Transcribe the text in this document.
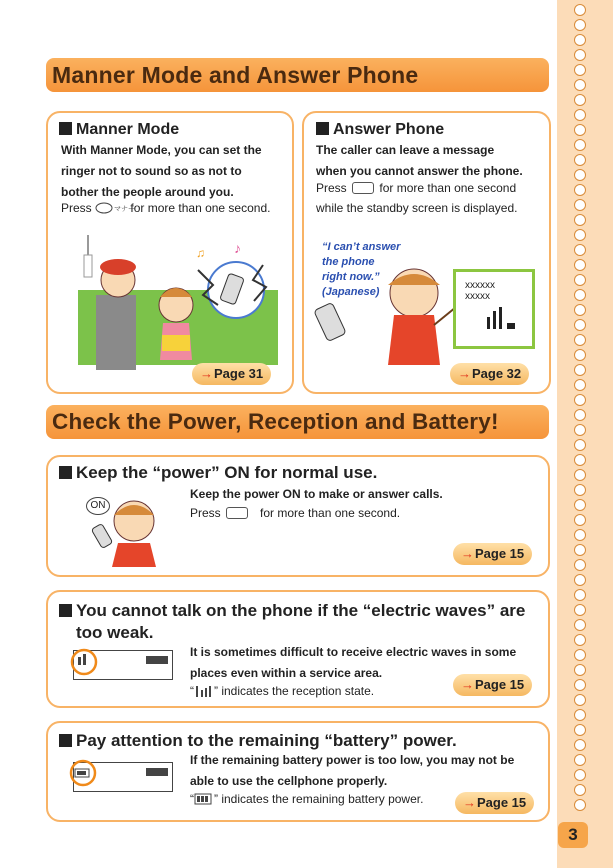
3
Manner Mode and Answer Phone
Manner Mode
With Manner Mode, you can set the
ringer not to sound so as not to
bother the people around you.
Press	マナー
for more than one second.
♪
♫
→Page 31
Answer Phone
The caller can leave a message
when you cannot answer the phone.
Press	for more than one second
while the standby screen is displayed.
“I can’t answer
the phone
right now.”
(Japanese)
xxxxxx
xxxxx
→Page 32
Check the Power, Reception and Battery!
Keep the “power” ON for normal use.
ON
Keep the power ON to make or answer calls.
Press	for more than one second.
→Page 15
You cannot talk on the phone if the “electric waves” are
too weak.
It is sometimes difficult to receive electric waves in some
places even within a service area.
“ ” indicates the reception state.	→Page 15
Pay attention to the remaining “battery” power.
If the remaining battery power is too low, you may not be
able to use the cellphone properly.
“ ” indicates the remaining battery power.	→Page 15
